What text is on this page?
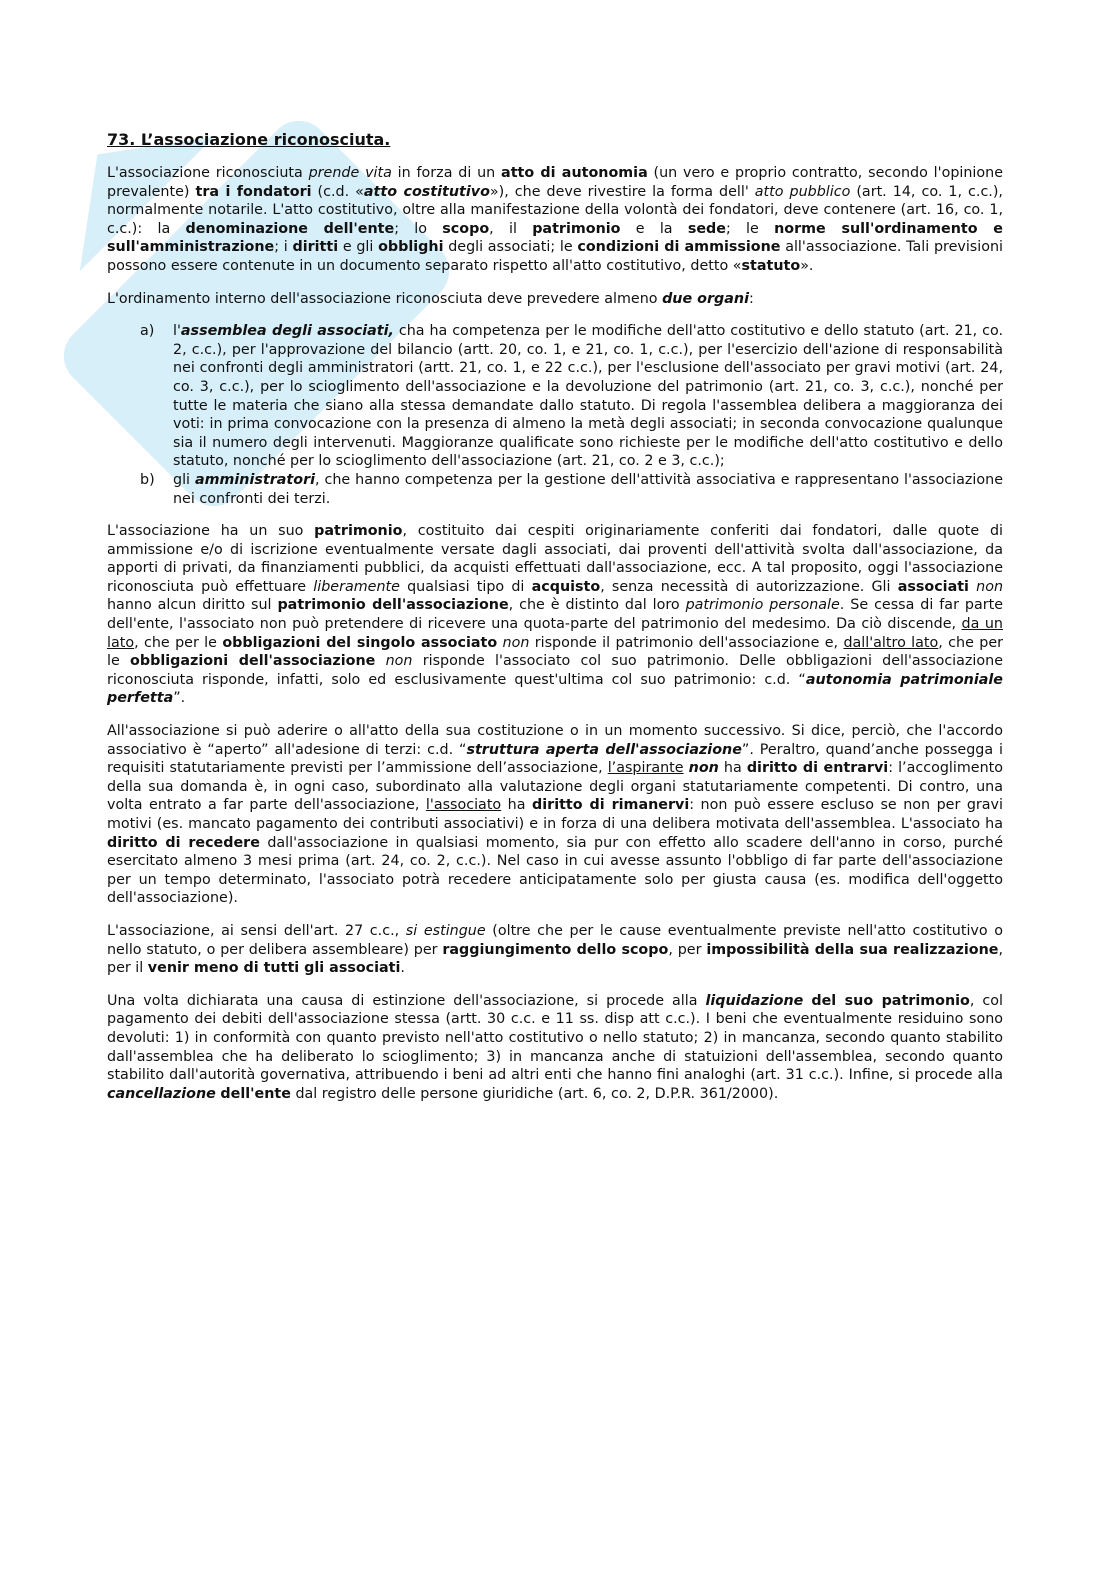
73. L’associazione riconosciuta.

L'associazione riconosciuta prende vita in forza di un atto di autonomia (un vero e proprio contratto, secondo l'opinione prevalente) tra i fondatori (c.d. «atto costitutivo»), che deve rivestire la forma dell' atto pubblico (art. 14, co. 1, c.c.), normalmente notarile. L'atto costitutivo, oltre alla manifestazione della volontà dei fondatori, deve contenere (art. 16, co. 1, c.c.): la denominazione dell'ente; lo scopo, il patrimonio e la sede; le norme sull'ordinamento e sull'amministrazione; i diritti e gli obblighi degli associati; le condizioni di ammissione all'associazione. Tali previsioni possono essere contenute in un documento separato rispetto all'atto costitutivo, detto «statuto».

L'ordinamento interno dell'associazione riconosciuta deve prevedere almeno due organi:

a) l'assemblea degli associati, cha ha competenza per le modifiche dell'atto costitutivo e dello statuto (art. 21, co. 2, c.c.), per l'approvazione del bilancio (artt. 20, co. 1, e 21, co. 1, c.c.), per l'esercizio dell'azione di responsabilità nei confronti degli amministratori (artt. 21, co. 1, e 22 c.c.), per l'esclusione dell'associato per gravi motivi (art. 24, co. 3, c.c.), per lo scioglimento dell'associazione e la devoluzione del patrimonio (art. 21, co. 3, c.c.), nonché per tutte le materia che siano alla stessa demandate dallo statuto. Di regola l'assemblea delibera a maggioranza dei voti: in prima convocazione con la presenza di almeno la metà degli associati; in seconda convocazione qualunque sia il numero degli intervenuti. Maggioranze qualificate sono richieste per le modifiche dell'atto costitutivo e dello statuto, nonché per lo scioglimento dell'associazione (art. 21, co. 2 e 3, c.c.);
b) gli amministratori, che hanno competenza per la gestione dell'attività associativa e rappresentano l'associazione nei confronti dei terzi.

L'associazione ha un suo patrimonio, costituito dai cespiti originariamente conferiti dai fondatori, dalle quote di ammissione e/o di iscrizione eventualmente versate dagli associati, dai proventi dell'attività svolta dall'associazione, da apporti di privati, da finanziamenti pubblici, da acquisti effettuati dall'associazione, ecc. A tal proposito, oggi l'associazione riconosciuta può effettuare liberamente qualsiasi tipo di acquisto, senza necessità di autorizzazione. Gli associati non hanno alcun diritto sul patrimonio dell'associazione, che è distinto dal loro patrimonio personale. Se cessa di far parte dell'ente, l'associato non può pretendere di ricevere una quota-parte del patrimonio del medesimo. Da ciò discende, da un lato, che per le obbligazioni del singolo associato non risponde il patrimonio dell'associazione e, dall'altro lato, che per le obbligazioni dell'associazione non risponde l'associato col suo patrimonio. Delle obbligazioni dell'associazione riconosciuta risponde, infatti, solo ed esclusivamente quest'ultima col suo patrimonio: c.d. “autonomia patrimoniale perfetta”.

All'associazione si può aderire o all'atto della sua costituzione o in un momento successivo. Si dice, perciò, che l'accordo associativo è “aperto” all'adesione di terzi: c.d. “struttura aperta dell'associazione”. Peraltro, quand’anche possegga i requisiti statutariamente previsti per l’ammissione dell’associazione, l’aspirante non ha diritto di entrarvi: l’accoglimento della sua domanda è, in ogni caso, subordinato alla valutazione degli organi statutariamente competenti. Di contro, una volta entrato a far parte dell'associazione, l'associato ha diritto di rimanervi: non può essere escluso se non per gravi motivi (es. mancato pagamento dei contributi associativi) e in forza di una delibera motivata dell'assemblea. L'associato ha diritto di recedere dall'associazione in qualsiasi momento, sia pur con effetto allo scadere dell'anno in corso, purché esercitato almeno 3 mesi prima (art. 24, co. 2, c.c.). Nel caso in cui avesse assunto l'obbligo di far parte dell'associazione per un tempo determinato, l'associato potrà recedere anticipatamente solo per giusta causa (es. modifica dell'oggetto dell'associazione).

L'associazione, ai sensi dell'art. 27 c.c., si estingue (oltre che per le cause eventualmente previste nell'atto costitutivo o nello statuto, o per delibera assembleare) per raggiungimento dello scopo, per impossibilità della sua realizzazione, per il venir meno di tutti gli associati.

Una volta dichiarata una causa di estinzione dell'associazione, si procede alla liquidazione del suo patrimonio, col pagamento dei debiti dell'associazione stessa (artt. 30 c.c. e 11 ss. disp att c.c.). I beni che eventualmente residuino sono devoluti: 1) in conformità con quanto previsto nell'atto costitutivo o nello statuto; 2) in mancanza, secondo quanto stabilito dall'assemblea che ha deliberato lo scioglimento; 3) in mancanza anche di statuizioni dell'assemblea, secondo quanto stabilito dall'autorità governativa, attribuendo i beni ad altri enti che hanno fini analoghi (art. 31 c.c.). Infine, si procede alla cancellazione dell'ente dal registro delle persone giuridiche (art. 6, co. 2, D.P.R. 361/2000).
